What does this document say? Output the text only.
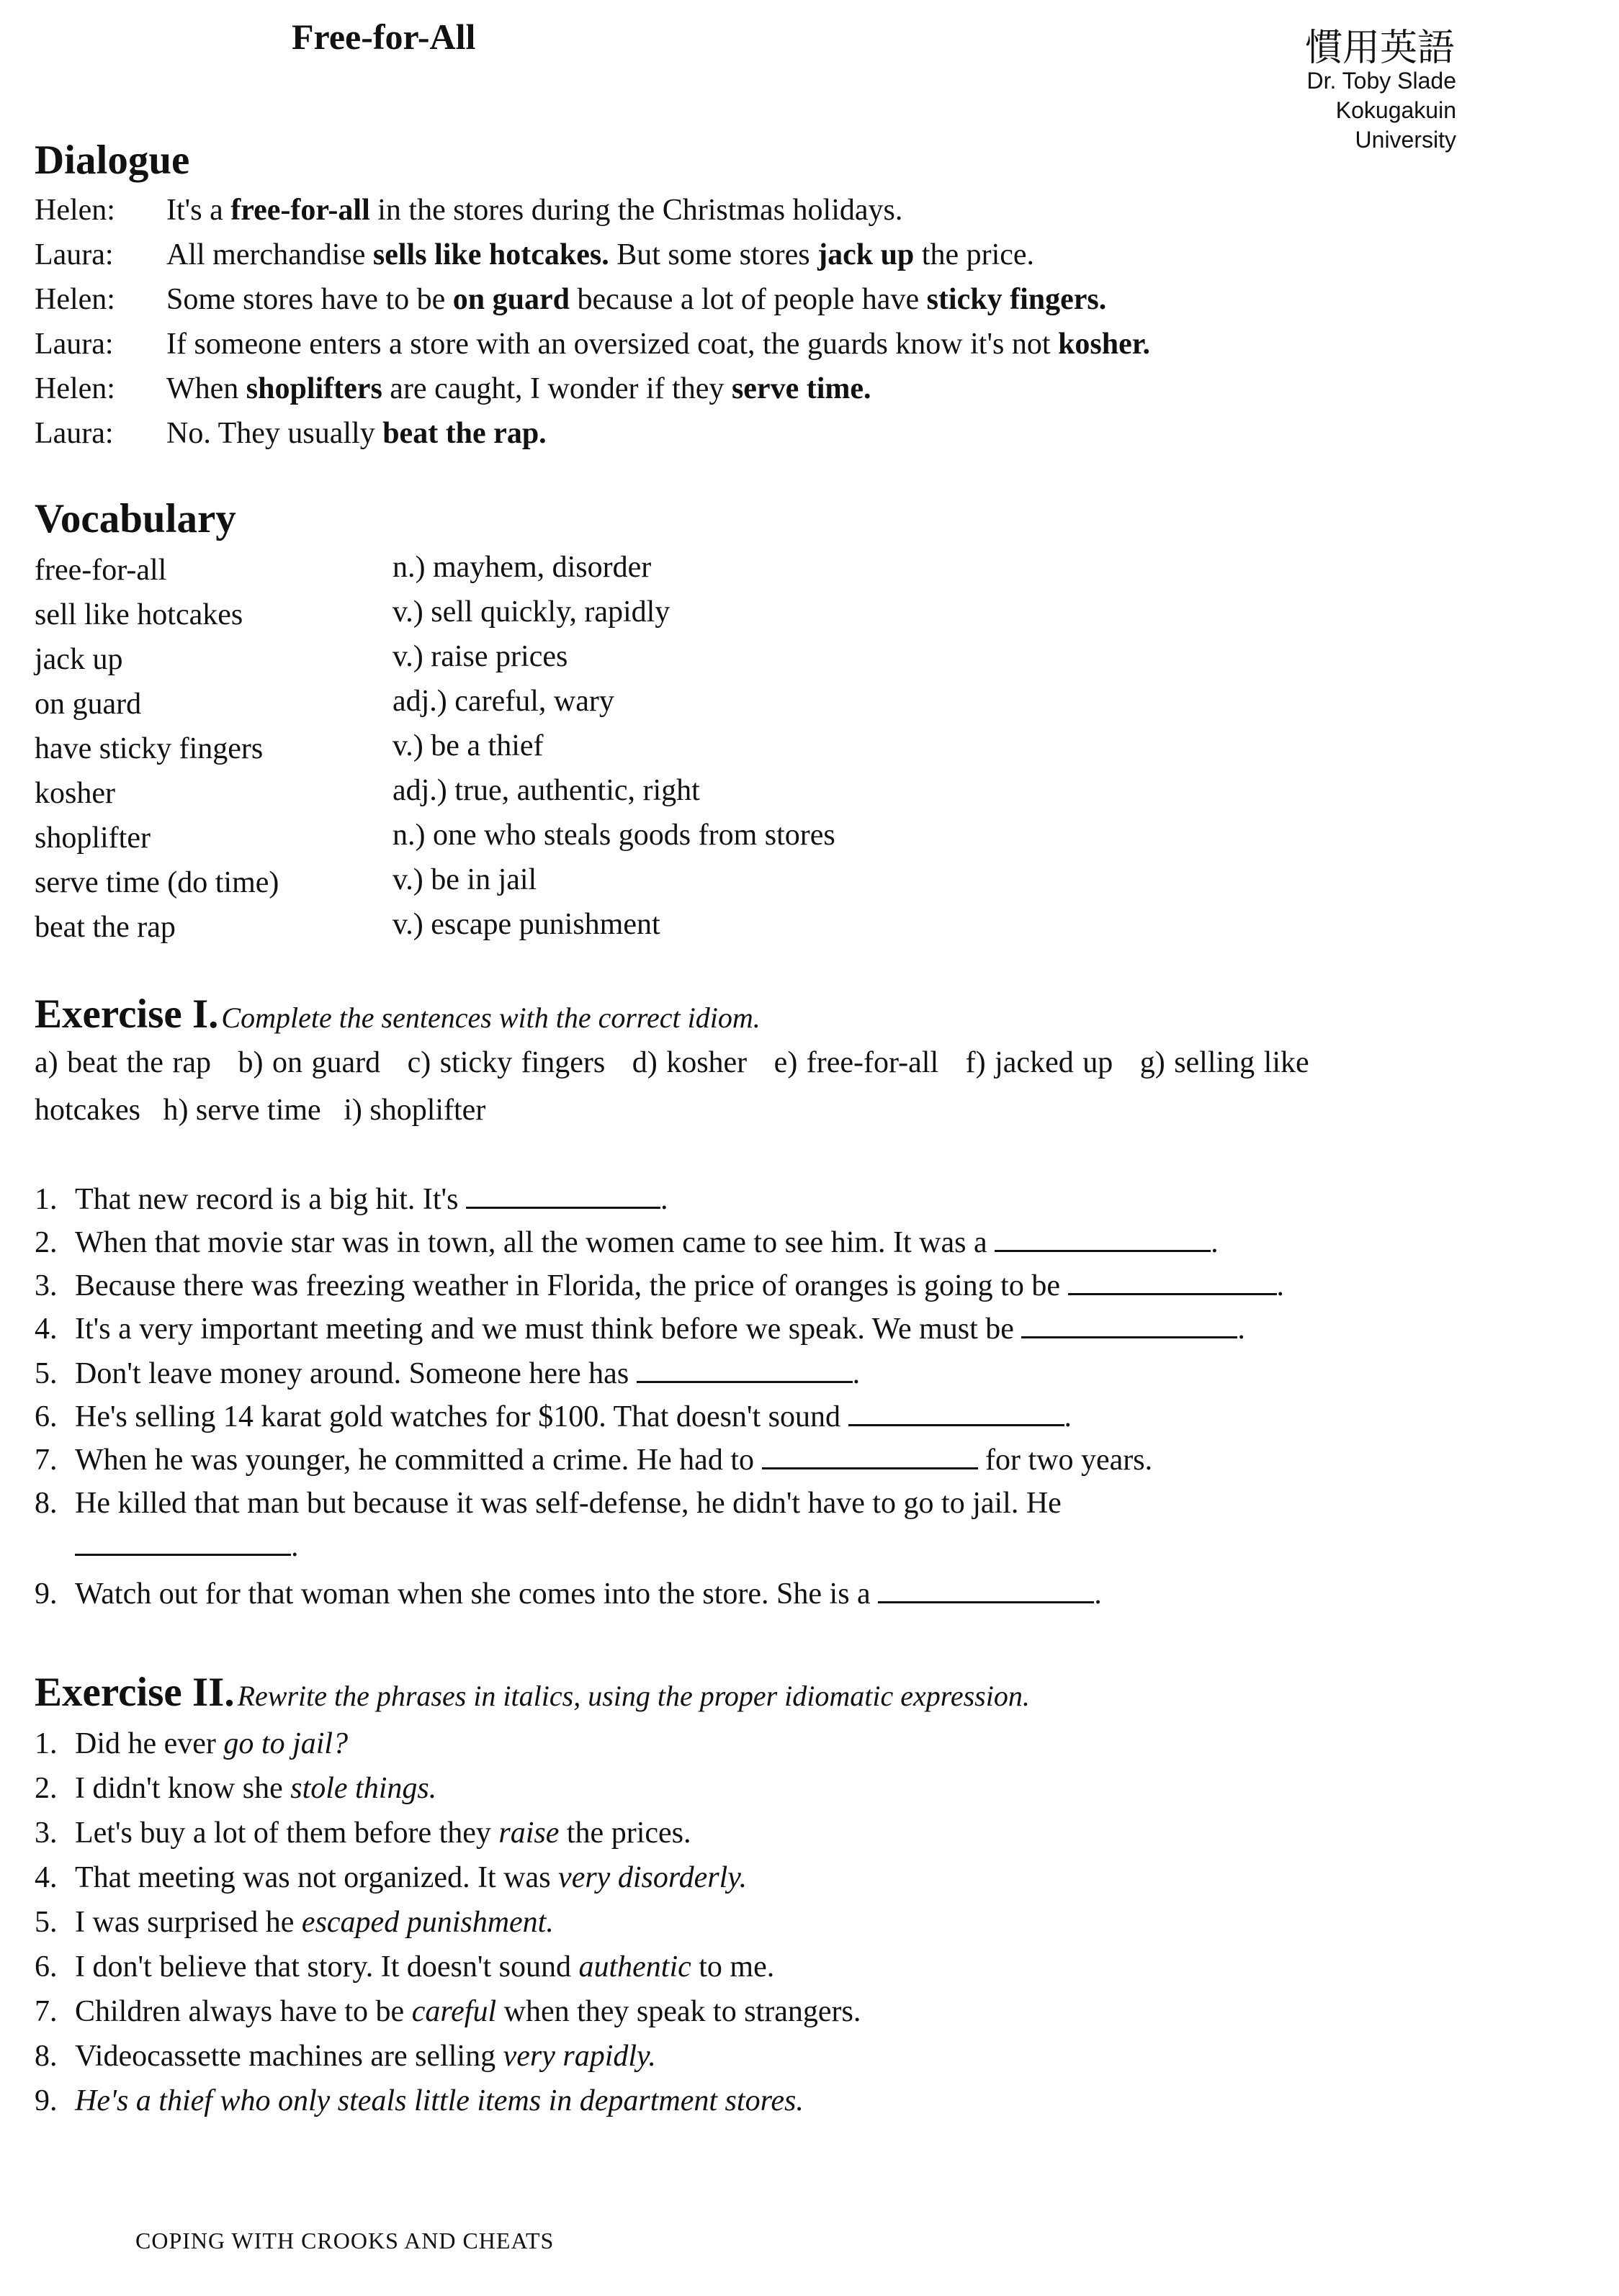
Free-for-All	慣用英語
Dr. Toby Slade
Kokugakuin
University
Dialogue
Helen: It's a free-for-all in the stores during the Christmas holidays.
Laura: All merchandise sells like hotcakes. But some stores jack up the price.
Helen: Some stores have to be on guard because a lot of people have sticky fingers.
Laura: If someone enters a store with an oversized coat, the guards know it's not kosher.
Helen: When shoplifters are caught, I wonder if they serve time.
Laura: No. They usually beat the rap.
Vocabulary
free-for-all	n.) mayhem, disorder
sell like hotcakes	v.) sell quickly, rapidly
jack up	v.) raise prices
on guard	adj.) careful, wary
have sticky fingers	v.) be a thief
kosher	adj.) true, authentic, right
shoplifter	n.) one who steals goods from stores
serve time (do time)	v.) be in jail
beat the rap	v.) escape punishment
Exercise I. Complete the sentences with the correct idiom.
a) beat the rap   b) on guard   c) sticky fingers   d) kosher   e) free-for-all   f) jacked up   g) selling like
hotcakes   h) serve time   i) shoplifter
1. That new record is a big hit. It's	.
2. When that movie star was in town, all the women came to see him. It was a	.
3. Because there was freezing weather in Florida, the price of oranges is going to be	.
4. It's a very important meeting and we must think before we speak. We must be	.
5. Don't leave money around. Someone here has	.
6. He's selling 14 karat gold watches for $100. That doesn't sound	.
7. When he was younger, he committed a crime. He had to	for two years.
8. He killed that man but because it was self-defense, he didn't have to go to jail. He
.
9. Watch out for that woman when she comes into the store. She is a	.
Exercise II. Rewrite the phrases in italics, using the proper idiomatic expression.
1. Did he ever go to jail?
2. I didn't know she stole things.
3. Let's buy a lot of them before they raise the prices.
4. That meeting was not organized. It was very disorderly.
5. I was surprised he escaped punishment.
6. I don't believe that story. It doesn't sound authentic to me.
7. Children always have to be careful when they speak to strangers.
8. Videocassette machines are selling very rapidly.
9. He's a thief who only steals little items in department stores.
COPING WITH CROOKS AND CHEATS
